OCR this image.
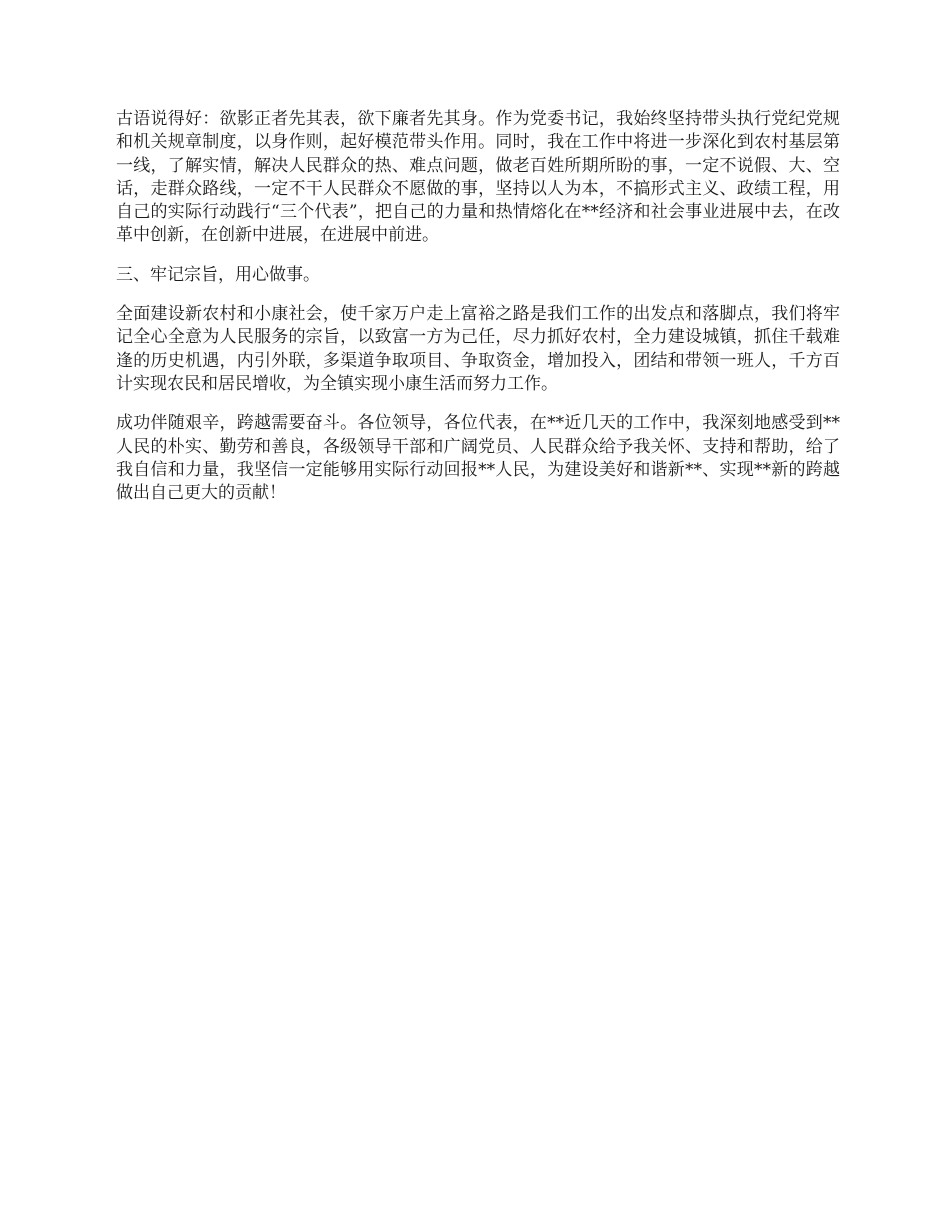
古语说得好：欲影正者先其表，欲下廉者先其身。作为党委书记，我始终坚持带头执行党纪党规和机关规章制度，以身作则，起好模范带头作用。同时，我在工作中将进一步深化到农村基层第一线，了解实情，解决人民群众的热、难点问题，做老百姓所期所盼的事，一定不说假、大、空话，走群众路线，一定不干人民群众不愿做的事，坚持以人为本，不搞形式主义、政绩工程，用自己的实际行动践行“三个代表”，把自己的力量和热情熔化在**经济和社会事业进展中去，在改革中创新，在创新中进展，在进展中前进。

三、牢记宗旨，用心做事。

全面建设新农村和小康社会，使千家万户走上富裕之路是我们工作的出发点和落脚点，我们将牢记全心全意为人民服务的宗旨，以致富一方为己任，尽力抓好农村，全力建设城镇，抓住千载难逢的历史机遇，内引外联，多渠道争取项目、争取资金，增加投入，团结和带领一班人，千方百计实现农民和居民增收，为全镇实现小康生活而努力工作。

成功伴随艰辛，跨越需要奋斗。各位领导，各位代表，在**近几天的工作中，我深刻地感受到**人民的朴实、勤劳和善良，各级领导干部和广阔党员、人民群众给予我关怀、支持和帮助，给了我自信和力量，我坚信一定能够用实际行动回报**人民，为建设美好和谐新**、实现**新的跨越做出自己更大的贡献！
